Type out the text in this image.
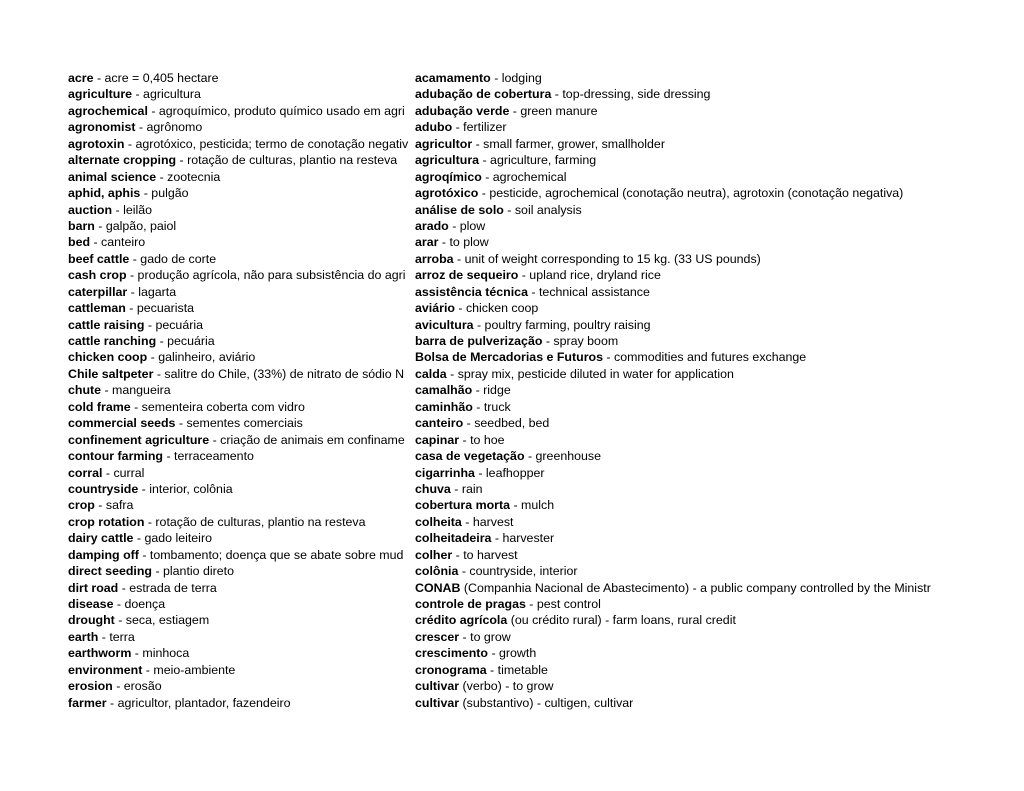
acre - acre = 0,405 hectare
agriculture - agricultura
agrochemical - agroquímico, produto químico usado em agri
agronomist - agrônomo
agrotoxin - agrotóxico, pesticida; termo de conotação negativ
alternate cropping - rotação de culturas, plantio na resteva
animal science - zootecnia
aphid, aphis - pulgão
auction - leilão
barn - galpão, paiol
bed - canteiro
beef cattle - gado de corte
cash crop - produção agrícola, não para subsistência do agri
caterpillar - lagarta
cattleman - pecuarista
cattle raising - pecuária
cattle ranching - pecuária
chicken coop - galinheiro, aviário
Chile saltpeter - salitre do Chile, (33%) de nitrato de sódio N
chute - mangueira
cold frame - sementeira coberta com vidro
commercial seeds - sementes comerciais
confinement agriculture - criação de animais em confiname
contour farming - terraceamento
corral - curral
countryside - interior, colônia
crop - safra
crop rotation - rotação de culturas, plantio na resteva
dairy cattle - gado leiteiro
damping off - tombamento; doença que se abate sobre mud
direct seeding - plantio direto
dirt road - estrada de terra
disease - doença
drought - seca, estiagem
earth - terra
earthworm - minhoca
environment - meio-ambiente
erosion - erosão
farmer - agricultor, plantador, fazendeiro
acamamento - lodging
adubação de cobertura - top-dressing, side dressing
adubação verde - green manure
adubo - fertilizer
agricultor - small farmer, grower, smallholder
agricultura - agriculture, farming
agroqímico - agrochemical
agrotóxico - pesticide, agrochemical (conotação neutra), agrotoxin (conotação negativa)
análise de solo - soil analysis
arado - plow
arar - to plow
arroba - unit of weight corresponding to 15 kg. (33 US pounds)
arroz de sequeiro - upland rice, dryland rice
assistência técnica - technical assistance
aviário - chicken coop
avicultura - poultry farming, poultry raising
barra de pulverização - spray boom
Bolsa de Mercadorias e Futuros - commodities and futures exchange
calda - spray mix, pesticide diluted in water for application
camalhão - ridge
caminhão - truck
canteiro - seedbed, bed
capinar - to hoe
casa de vegetação - greenhouse
cigarrinha - leafhopper
chuva - rain
cobertura morta - mulch
colheita - harvest
colheitadeira - harvester
colher - to harvest
colônia - countryside, interior
CONAB (Companhia Nacional de Abastecimento) - a public company controlled by the Ministr
controle de pragas - pest control
crédito agrícola (ou crédito rural) - farm loans, rural credit
crescer - to grow
crescimento - growth
cronograma - timetable
cultivar (verbo) - to grow
cultivar (substantivo) - cultigen, cultivar
